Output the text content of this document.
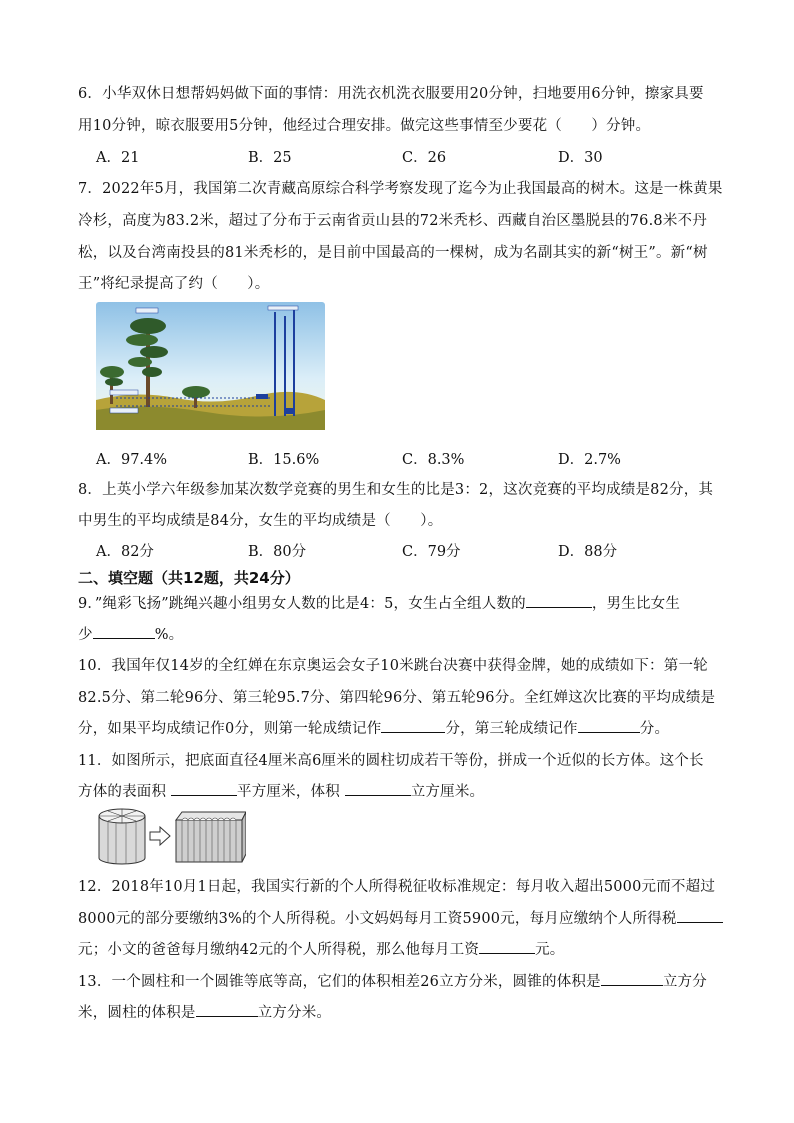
6．小华双休日想帮妈妈做下面的事情：用洗衣机洗衣服要用20分钟，扫地要用6分钟，擦家具要
用10分钟，晾衣服要用5分钟，他经过合理安排。做完这些事情至少要花（　　）分钟。
A．21	B．25	C．26	D．30
7．2022年5月，我国第二次青藏高原综合科学考察发现了迄今为止我国最高的树木。这是一株黄果
冷杉，高度为83.2米，超过了分布于云南省贡山县的72米秃杉、西藏自治区墨脱县的76.8米不丹
松，以及台湾南投县的81米秃杉的，是目前中国最高的一棵树，成为名副其实的新“树王”。新“树
王”将纪录提高了约（　　）。
A．97.4%	B．15.6%	C．8.3%	D．2.7%
8．上英小学六年级参加某次数学竞赛的男生和女生的比是3：2，这次竞赛的平均成绩是82分，其
中男生的平均成绩是84分，女生的平均成绩是（　　）。
A．82分	B．80分	C．79分	D．88分
二、填空题（共12题，共24分）
9．”绳彩飞扬”跳绳兴趣小组男女人数的比是4：5，女生占全组人数的	，男生比女生
少	%。
10．我国年仅14岁的全红婵在东京奥运会女子10米跳台决赛中获得金牌，她的成绩如下：第一轮
82.5分、第二轮96分、第三轮95.7分、第四轮96分、第五轮96分。全红婵这次比赛的平均成绩是
分，如果平均成绩记作0分，则第一轮成绩记作	分，第三轮成绩记作	分。
11．如图所示，把底面直径4厘米高6厘米的圆柱切成若干等份，拼成一个近似的长方体。这个长
方体的表面积	平方厘米，体积	立方厘米。
12．2018年10月1日起，我国实行新的个人所得税征收标准规定：每月收入超出5000元而不超过
8000元的部分要缴纳3%的个人所得税。小文妈妈每月工资5900元，每月应缴纳个人所得税
元；小文的爸爸每月缴纳42元的个人所得税，那么他每月工资	元。
13．一个圆柱和一个圆锥等底等高，它们的体积相差26立方分米，圆锥的体积是	立方分
米，圆柱的体积是	立方分米。
